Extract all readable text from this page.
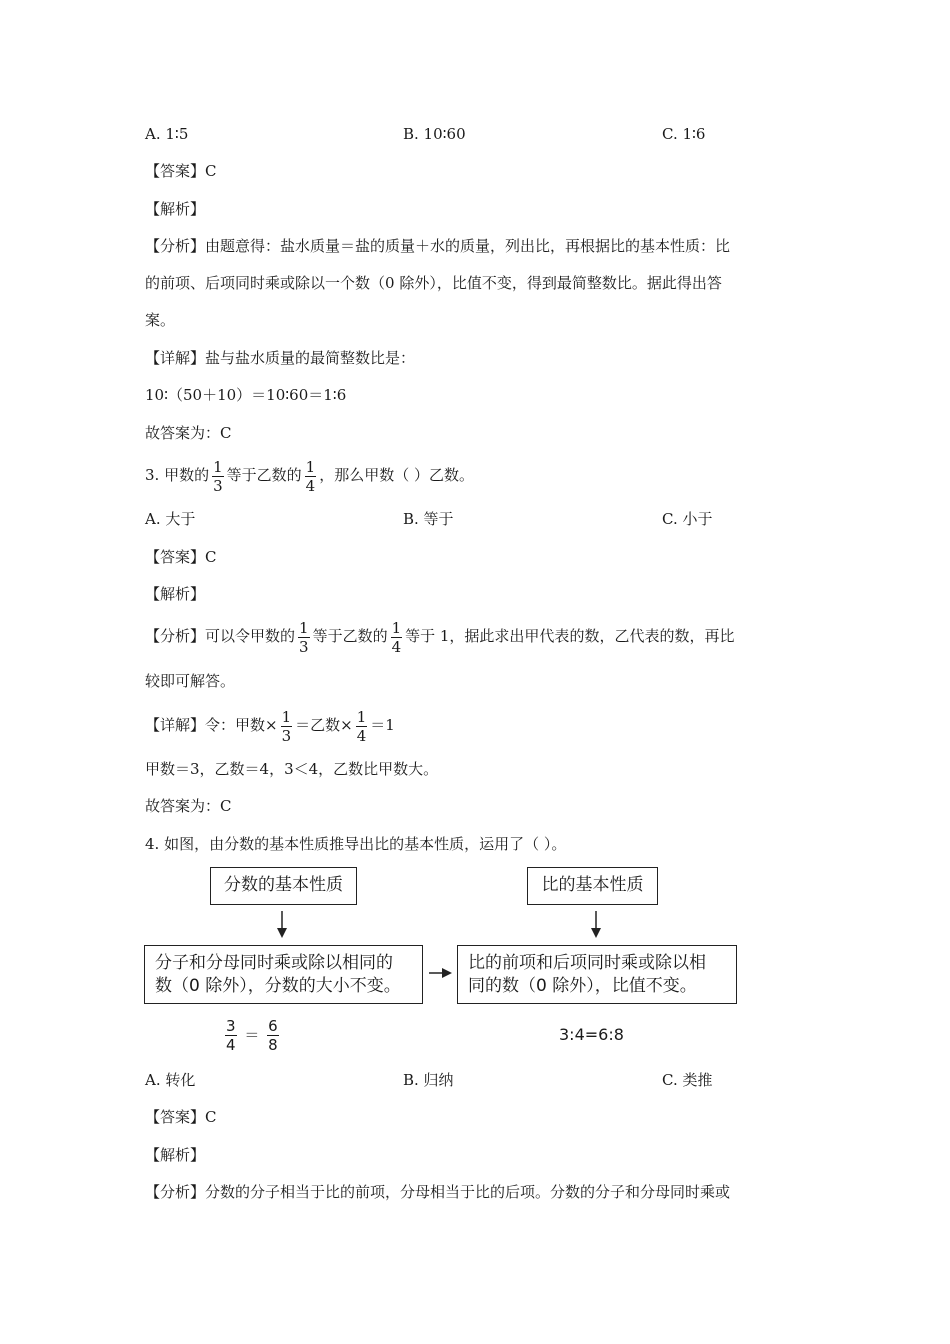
A. 1∶5	B. 10∶60	C. 1∶6
【答案】C
【解析】
【分析】由题意得：盐水质量＝盐的质量＋水的质量，列出比，再根据比的基本性质：比
的前项、后项同时乘或除以一个数（0 除外），比值不变，得到最简整数比。据此得出答
案。
【详解】盐与盐水质量的最简整数比是：
10∶（50＋10）＝10∶60＝1∶6
故答案为：C
3. 甲数的 $\frac{1}{3}$ 等于乙数的 $\frac{1}{4}$ ，那么甲数（ ）乙数。
A. 大于	B. 等于	C. 小于
【答案】C
【解析】
【分析】可以令甲数的 $\frac{1}{3}$ 等于乙数的 $\frac{1}{4}$ 等于 1，据此求出甲代表的数，乙代表的数，再比
较即可解答。
【详解】令：甲数× $\frac{1}{3}$ ＝乙数× $\frac{1}{4} =1$
甲数＝3，乙数＝4，3＜4，乙数比甲数大。
故答案为：C
4. 如图，由分数的基本性质推导出比的基本性质，运用了（ ）。
分数的基本性质	比的基本性质
分子和分母同时乘或除以相同的
数（0 除外），分数的大小不变。
比的前项和后项同时乘或除以相
同的数（0 除外），比值不变。
$\frac{3}{4} = \frac{6}{8}$	3:4=6:8
A. 转化	B. 归纳	C. 类推
【答案】C
【解析】
【分析】分数的分子相当于比的前项，分母相当于比的后项。分数的分子和分母同时乘或
